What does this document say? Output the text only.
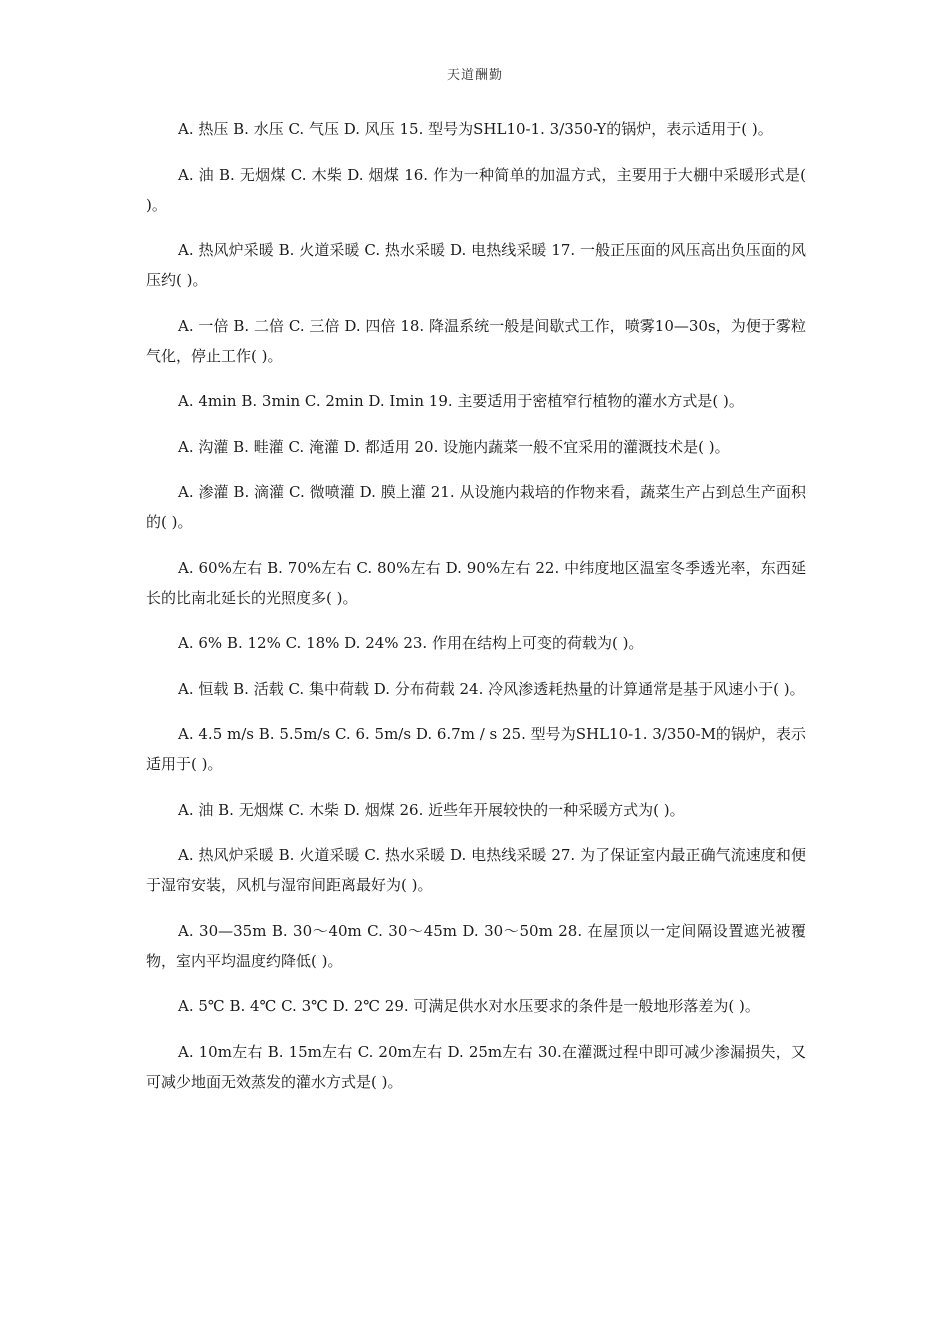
天道酬勤

A. 热压 B. 水压 C. 气压 D. 风压 15. 型号为SHL10-1. 3/350-Y的锅炉，表示适用于( )。

A. 油 B. 无烟煤 C. 木柴 D. 烟煤 16. 作为一种简单的加温方式，主要用于大棚中采暖形式是( )。

A. 热风炉采暖 B. 火道采暖 C. 热水采暖 D. 电热线采暖 17. 一般正压面的风压高出负压面的风压约( )。

A. 一倍 B. 二倍 C. 三倍 D. 四倍 18. 降温系统一般是间歇式工作，喷雾10—30s，为便于雾粒气化，停止工作( )。

A. 4min B. 3min C. 2min D. Imin 19. 主要适用于密植窄行植物的灌水方式是( )。

A. 沟灌 B. 畦灌 C. 淹灌 D. 都适用 20. 设施内蔬菜一般不宜采用的灌溉技术是( )。

A. 渗灌 B. 滴灌 C. 微喷灌 D. 膜上灌 21. 从设施内栽培的作物来看，蔬菜生产占到总生产面积的( )。

A. 60%左右 B. 70%左右 C. 80%左右 D. 90%左右 22. 中纬度地区温室冬季透光率，东西延长的比南北延长的光照度多( )。

A. 6% B. 12% C. 18% D. 24% 23. 作用在结构上可变的荷载为( )。

A. 恒载 B. 活载 C. 集中荷载 D. 分布荷载 24. 冷风渗透耗热量的计算通常是基于风速小于( )。

A. 4.5 m/s B. 5.5m/s C. 6. 5m/s D. 6.7m / s 25. 型号为SHL10-1. 3/350-M的锅炉，表示适用于( )。

A. 油 B. 无烟煤 C. 木柴 D. 烟煤 26. 近些年开展较快的一种采暖方式为( )。

A. 热风炉采暖 B. 火道采暖 C. 热水采暖 D. 电热线采暖 27. 为了保证室内最正确气流速度和便于湿帘安装，风机与湿帘间距离最好为( )。

A. 30—35m B. 30～40m C. 30～45m D. 30～50m 28. 在屋顶以一定间隔设置遮光被覆物，室内平均温度约降低( )。

A. 5℃ B. 4℃ C. 3℃ D. 2℃ 29. 可满足供水对水压要求的条件是一般地形落差为( )。

A. 10m左右 B. 15m左右 C. 20m左右 D. 25m左右 30.在灌溉过程中即可减少渗漏损失，又可减少地面无效蒸发的灌水方式是( )。
